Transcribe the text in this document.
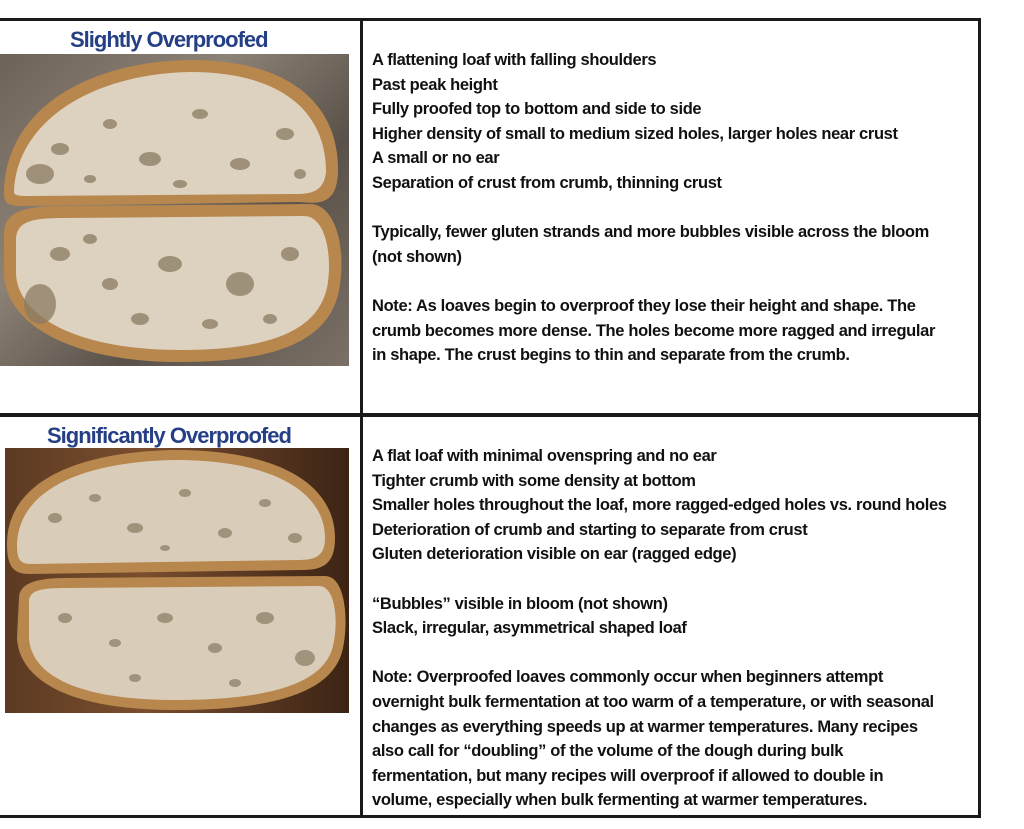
Slightly Overproofed
A flattening loaf with falling shoulders
Past peak height
Fully proofed top to bottom and side to side
Higher density of small to medium sized holes, larger holes near crust
A small or no ear
Separation of crust from crumb, thinning crust
Typically, fewer gluten strands and more bubbles visible across the bloom
(not shown)
Note: As loaves begin to overproof they lose their height and shape. The
crumb becomes more dense. The holes become more ragged and irregular
in shape. The crust begins to thin and separate from the crumb.
Significantly Overproofed
A flat loaf with minimal ovenspring and no ear
Tighter crumb with some density at bottom
Smaller holes throughout the loaf, more ragged-edged holes vs. round holes
Deterioration of crumb and starting to separate from crust
Gluten deterioration visible on ear (ragged edge)
“Bubbles” visible in bloom (not shown)
Slack, irregular, asymmetrical shaped loaf
Note: Overproofed loaves commonly occur when beginners attempt
overnight bulk fermentation at too warm of a temperature, or with seasonal
changes as everything speeds up at warmer temperatures. Many recipes
also call for “doubling” of the volume of the dough during bulk
fermentation, but many recipes will overproof if allowed to double in
volume, especially when bulk fermenting at warmer temperatures.
